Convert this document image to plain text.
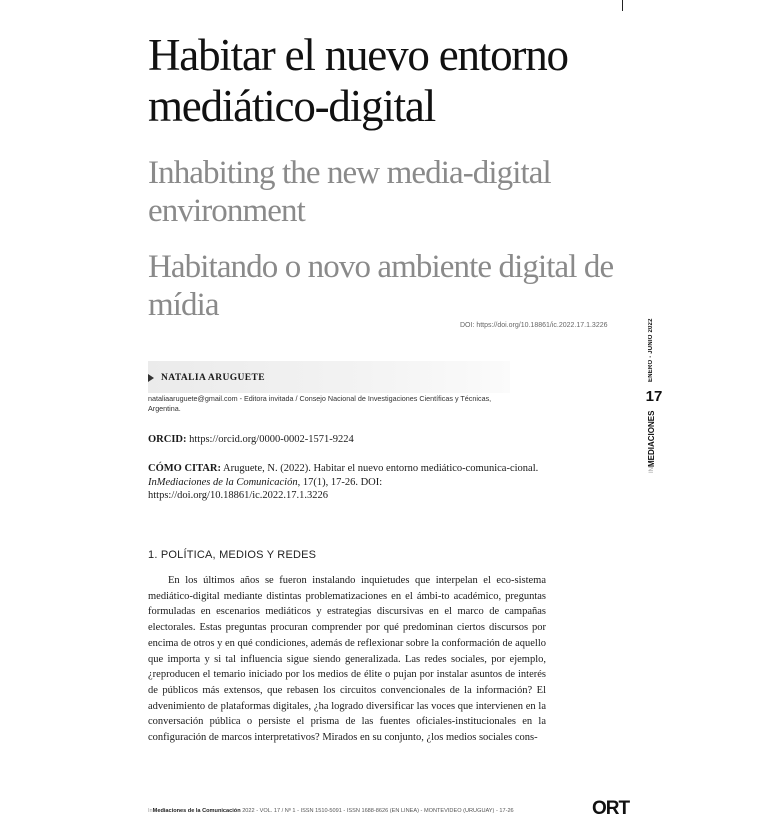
Habitar el nuevo entorno mediático-digital
Inhabiting the new media-digital environment
Habitando o novo ambiente digital de mídia
DOI: https://doi.org/10.18861/ic.2022.17.1.3226
NATALIA ARUGUETE

nataliaaruguete@gmail.com - Editora invitada / Consejo Nacional de Investigaciones Científicas y Técnicas, Argentina.

ORCID: https://orcid.org/0000-0002-1571-9224

CÓMO CITAR: Aruguete, N. (2022). Habitar el nuevo entorno mediático-comunica-cional. InMediaciones de la Comunicación, 17(1), 17-26. DOI: https://doi.org/10.18861/ic.2022.17.1.3226

1. POLÍTICA, MEDIOS Y REDES

En los últimos años se fueron instalando inquietudes que interpelan el eco-sistema mediático-digital mediante distintas problematizaciones en el ámbi-to académico, preguntas formuladas en escenarios mediáticos y estrategias discursivas en el marco de campañas electorales. Estas preguntas procuran comprender por qué predominan ciertos discursos por encima de otros y en qué condiciones, además de reflexionar sobre la conformación de aquello que importa y si tal influencia sigue siendo generalizada. Las redes sociales, por ejemplo, ¿reproducen el temario iniciado por los medios de élite o pujan por instalar asuntos de interés de públicos más extensos, que rebasen los circuitos convencionales de la información? El advenimiento de plataformas digitales, ¿ha logrado diversificar las voces que intervienen en la conversación pública o persiste el prisma de las fuentes oficiales-institucionales en la configuración de marcos interpretativos? Mirados en su conjunto, ¿los medios sociales cons-

ENERO - JUNIO 2022
17
INMEDIACIONES
InMediaciones de la Comunicación 2022 - VOL. 17 / Nº 1 - ISSN 1510-5091 - ISSN 1688-8626 (EN LÍNEA) - MONTEVIDEO (URUGUAY) - 17-26	ORT
